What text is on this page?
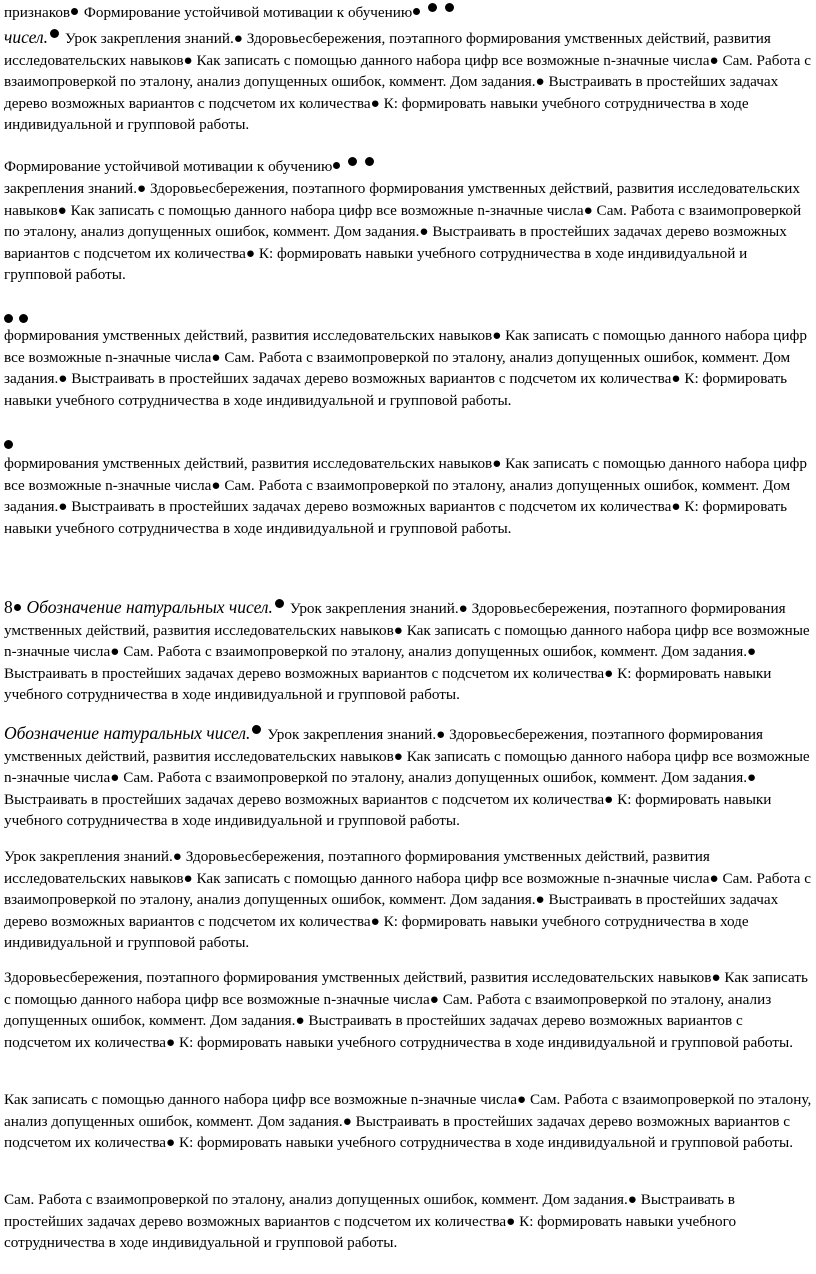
признаков Формирование устойчивой мотивации к обучению
чисел. Урок закрепления знаний.● Здоровьесбережения, поэтапного формирования умственных действий, развития исследовательских навыков● Как записать с помощью данного набора цифр все возможные n-значные числа● Сам. Работа с взаимопроверкой по эталону, анализ допущенных ошибок, коммент. Дом задания.● Выстраивать в простейших задачах дерево возможных вариантов с подсчетом их количества● К: формировать навыки учебного сотрудничества в ходе индивидуальной и групповой работы.
Формирование устойчивой мотивации к обучению
закрепления знаний.● Здоровьесбережения, поэтапного формирования умственных действий, развития исследовательских навыков● Как записать с помощью данного набора цифр все возможные n-значные числа● Сам. Работа с взаимопроверкой по эталону, анализ допущенных ошибок, коммент. Дом задания.● Выстраивать в простейших задачах дерево возможных вариантов с подсчетом их количества● К: формировать навыки учебного сотрудничества в ходе индивидуальной и групповой работы.
формирования умственных действий, развития исследовательских навыков● Как записать с помощью данного набора цифр все возможные n-значные числа● Сам. Работа с взаимопроверкой по эталону, анализ допущенных ошибок, коммент. Дом задания.● Выстраивать в простейших задачах дерево возможных вариантов с подсчетом их количества● К: формировать навыки учебного сотрудничества в ходе индивидуальной и групповой работы.
формирования умственных действий, развития исследовательских навыков● Как записать с помощью данного набора цифр все возможные n-значные числа● Сам. Работа с взаимопроверкой по эталону, анализ допущенных ошибок, коммент. Дом задания.● Выстраивать в простейших задачах дерево возможных вариантов с подсчетом их количества● К: формировать навыки учебного сотрудничества в ходе индивидуальной и групповой работы.
8 Обозначение натуральных чисел. Урок закрепления знаний.● Здоровьесбережения, поэтапного формирования умственных действий, развития исследовательских навыков● Как записать с помощью данного набора цифр все возможные n-значные числа● Сам. Работа с взаимопроверкой по эталону, анализ допущенных ошибок, коммент. Дом задания.● Выстраивать в простейших задачах дерево возможных вариантов с подсчетом их количества● К: формировать навыки учебного сотрудничества в ходе индивидуальной и групповой работы.
Обозначение натуральных чисел. Урок закрепления знаний.● Здоровьесбережения, поэтапного формирования умственных действий, развития исследовательских навыков● Как записать с помощью данного набора цифр все возможные n-значные числа● Сам. Работа с взаимопроверкой по эталону, анализ допущенных ошибок, коммент. Дом задания.● Выстраивать в простейших задачах дерево возможных вариантов с подсчетом их количества● К: формировать навыки учебного сотрудничества в ходе индивидуальной и групповой работы.
Урок закрепления знаний.● Здоровьесбережения, поэтапного формирования умственных действий, развития исследовательских навыков● Как записать с помощью данного набора цифр все возможные n-значные числа● Сам. Работа с взаимопроверкой по эталону, анализ допущенных ошибок, коммент. Дом задания.● Выстраивать в простейших задачах дерево возможных вариантов с подсчетом их количества● К: формировать навыки учебного сотрудничества в ходе индивидуальной и групповой работы.
Здоровьесбережения, поэтапного формирования умственных действий, развития исследовательских навыков● Как записать с помощью данного набора цифр все возможные n-значные числа● Сам. Работа с взаимопроверкой по эталону, анализ допущенных ошибок, коммент. Дом задания.● Выстраивать в простейших задачах дерево возможных вариантов с подсчетом их количества● К: формировать навыки учебного сотрудничества в ходе индивидуальной и групповой работы.
Как записать с помощью данного набора цифр все возможные n-значные числа● Сам. Работа с взаимопроверкой по эталону, анализ допущенных ошибок, коммент. Дом задания.● Выстраивать в простейших задачах дерево возможных вариантов с подсчетом их количества● К: формировать навыки учебного сотрудничества в ходе индивидуальной и групповой работы.
Сам. Работа с взаимопроверкой по эталону, анализ допущенных ошибок, коммент. Дом задания.● Выстраивать в простейших задачах дерево возможных вариантов с подсчетом их количества● К: формировать навыки учебного сотрудничества в ходе индивидуальной и групповой работы.
